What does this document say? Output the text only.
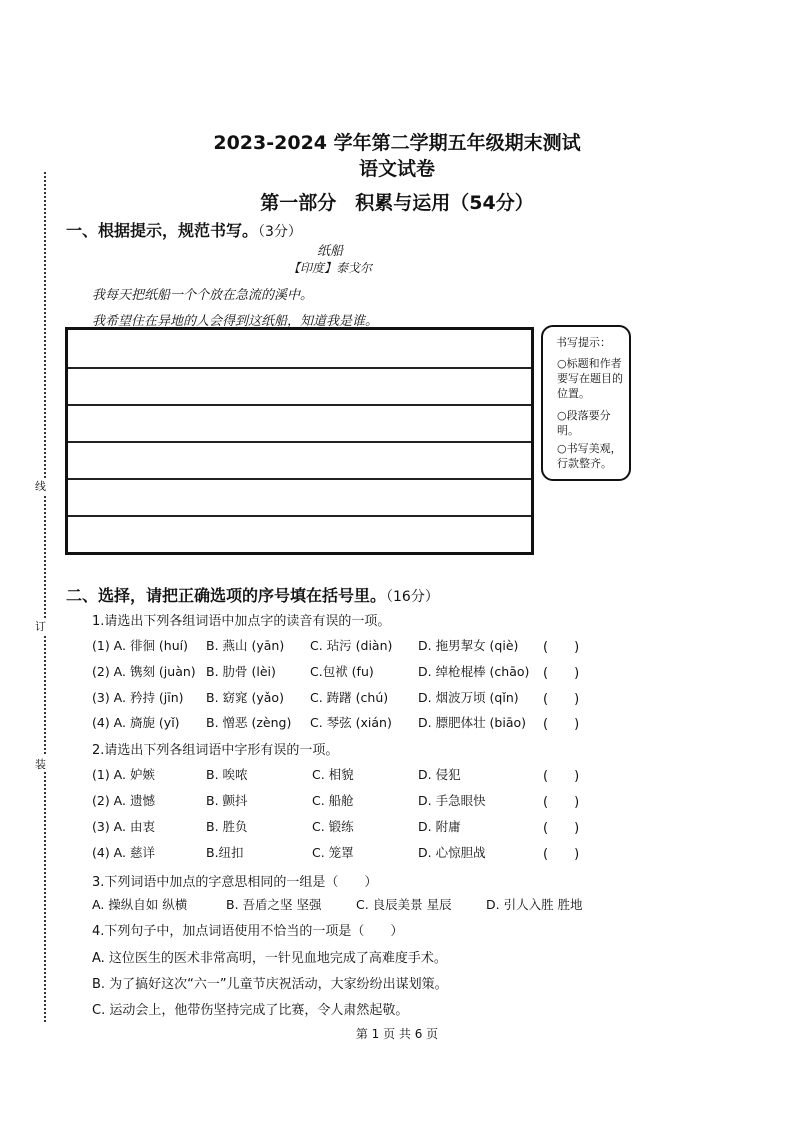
线
订
装
2023-2024 学年第二学期五年级期末测试
语文试卷
第一部分　积累与运用（54分）
一、根据提示，规范书写。（3分）
纸船
【印度】泰戈尔
我每天把纸船一个个放在急流的溪中。
我希望住在异地的人会得到这纸船，知道我是谁。
书写提示：
○标题和作者要写在题目的位置。
○段落要分明。
○书写美观，行款整齐。
二、选择，请把正确选项的序号填在括号里。（16分）
1.请选出下列各组词语中加点字的读音有误的一项。
(1) A. 徘徊 (huí) B. 燕山 (yān) C. 玷污 (diàn) D. 拖男挈女 (qiè) (　　)
(2) A. 镌刻 (juàn) B. 肋骨 (lèi)	C.包袱 (fu)	D. 绰枪棍棒 (chāo) (　　)
(3) A. 矜持 (jīn) B. 窈窕 (yǎo) C. 踌躇 (chú) D. 烟波万顷 (qǐn) (　　)
(4) A. 旖旎 (yǐ) B. 憎恶 (zèng) C. 琴弦 (xián) D. 膘肥体壮 (biāo) (　　)
2.请选出下列各组词语中字形有误的一项。
(1) A. 妒嫉	B. 唉哝	C. 相貌	D. 侵犯	(　　)
(2) A. 遗憾	B. 颤抖	C. 船舱	D. 手急眼快	(　　)
(3) A. 由衷	B. 胜负	C. 锻练	D. 附庸	(　　)
(4) A. 慈详	B.纽扣	C. 笼罩	D. 心惊胆战	(　　)
3.下列词语中加点的字意思相同的一组是（　　）
A. 操纵自如 纵横	B. 吾盾之坚 坚强	C. 良辰美景 星辰	D. 引人入胜 胜地
4.下列句子中，加点词语使用不恰当的一项是（　　）
A. 这位医生的医术非常高明，一针见血地完成了高难度手术。
B. 为了搞好这次“六一”儿童节庆祝活动，大家纷纷出谋划策。
C. 运动会上，他带伤坚持完成了比赛，令人肃然起敬。
第 1 页 共 6 页
